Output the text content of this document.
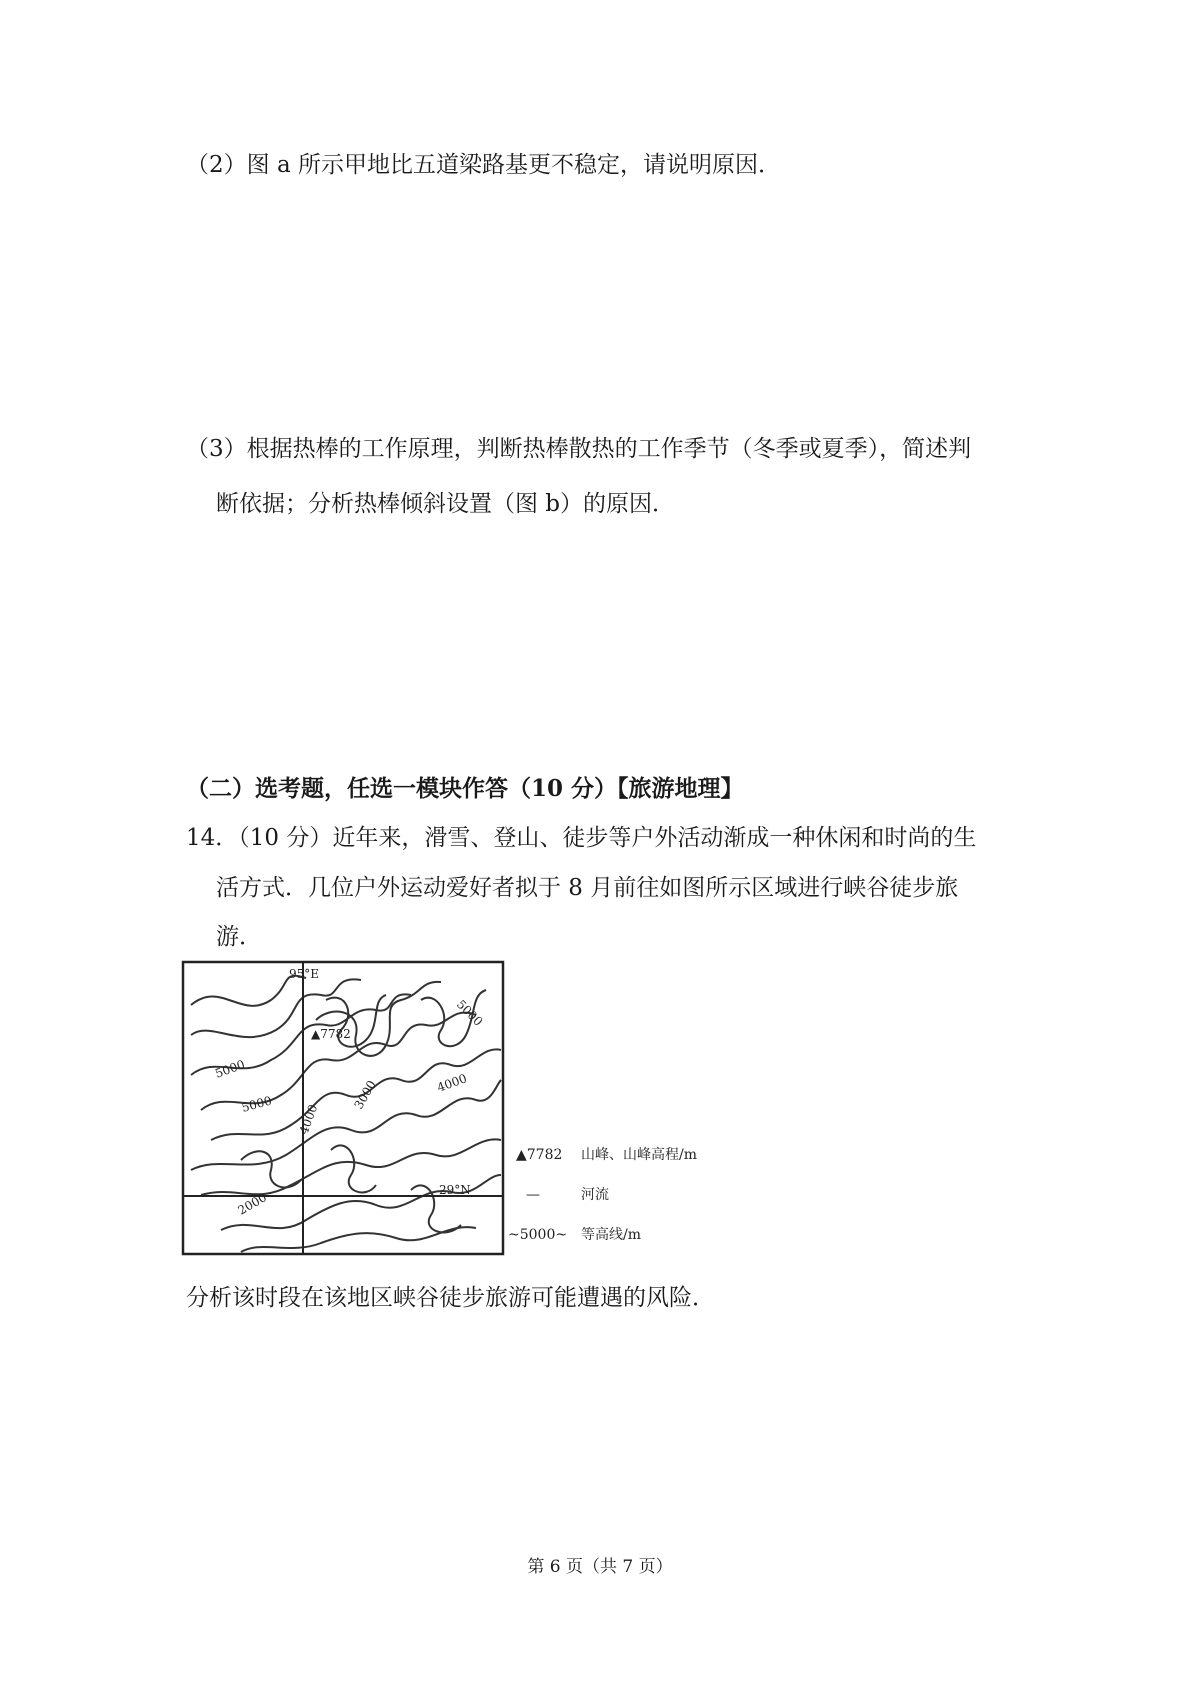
（2）图 a 所示甲地比五道梁路基更不稳定，请说明原因．

（3）根据热棒的工作原理，判断热棒散热的工作季节（冬季或夏季），简述判

断依据；分析热棒倾斜设置（图 b）的原因．

（二）选考题，任选一模块作答（10 分）【旅游地理】

14．（10 分）近年来，滑雪、登山、徒步等户外活动渐成一种休闲和时尚的生

活方式．几位户外运动爱好者拟于 8 月前往如图所示区域进行峡谷徒步旅

游．

95°E
29°N
▲7782
5000
5000
5000
4000
4000
3000
2000
▲7782 山峰、山峰高程/m
—	河流
~5000~ 等高线/m

分析该时段在该地区峡谷徒步旅游可能遭遇的风险．

第 6 页（共 7 页）
